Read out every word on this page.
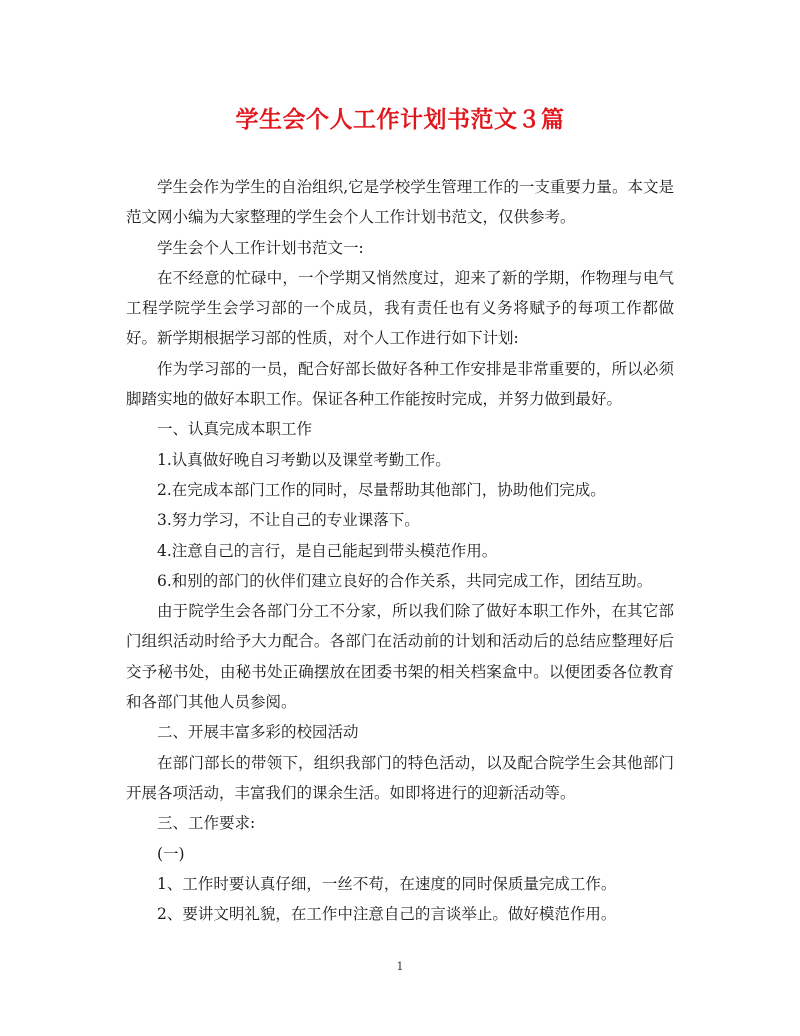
学生会个人工作计划书范文３篇

学生会作为学生的自治组织,它是学校学生管理工作的一支重要力量。本文是范文网小编为大家整理的学生会个人工作计划书范文，仅供参考。

学生会个人工作计划书范文一:

在不经意的忙碌中，一个学期又悄然度过，迎来了新的学期，作物理与电气工程学院学生会学习部的一个成员，我有责任也有义务将赋予的每项工作都做好。新学期根据学习部的性质，对个人工作进行如下计划:

作为学习部的一员，配合好部长做好各种工作安排是非常重要的，所以必须脚踏实地的做好本职工作。保证各种工作能按时完成，并努力做到最好。

一、认真完成本职工作

1.认真做好晚自习考勤以及课堂考勤工作。

2.在完成本部门工作的同时，尽量帮助其他部门，协助他们完成。

3.努力学习，不让自己的专业课落下。

4.注意自己的言行，是自己能起到带头模范作用。

6.和别的部门的伙伴们建立良好的合作关系，共同完成工作，团结互助。

由于院学生会各部门分工不分家，所以我们除了做好本职工作外，在其它部门组织活动时给予大力配合。各部门在活动前的计划和活动后的总结应整理好后交予秘书处，由秘书处正确摆放在团委书架的相关档案盒中。以便团委各位教育和各部门其他人员参阅。

二、开展丰富多彩的校园活动

在部门部长的带领下，组织我部门的特色活动，以及配合院学生会其他部门开展各项活动，丰富我们的课余生活。如即将进行的迎新活动等。

三、工作要求:

(一)

1、工作时要认真仔细，一丝不苟，在速度的同时保质量完成工作。

2、要讲文明礼貌，在工作中注意自己的言谈举止。做好模范作用。

1
